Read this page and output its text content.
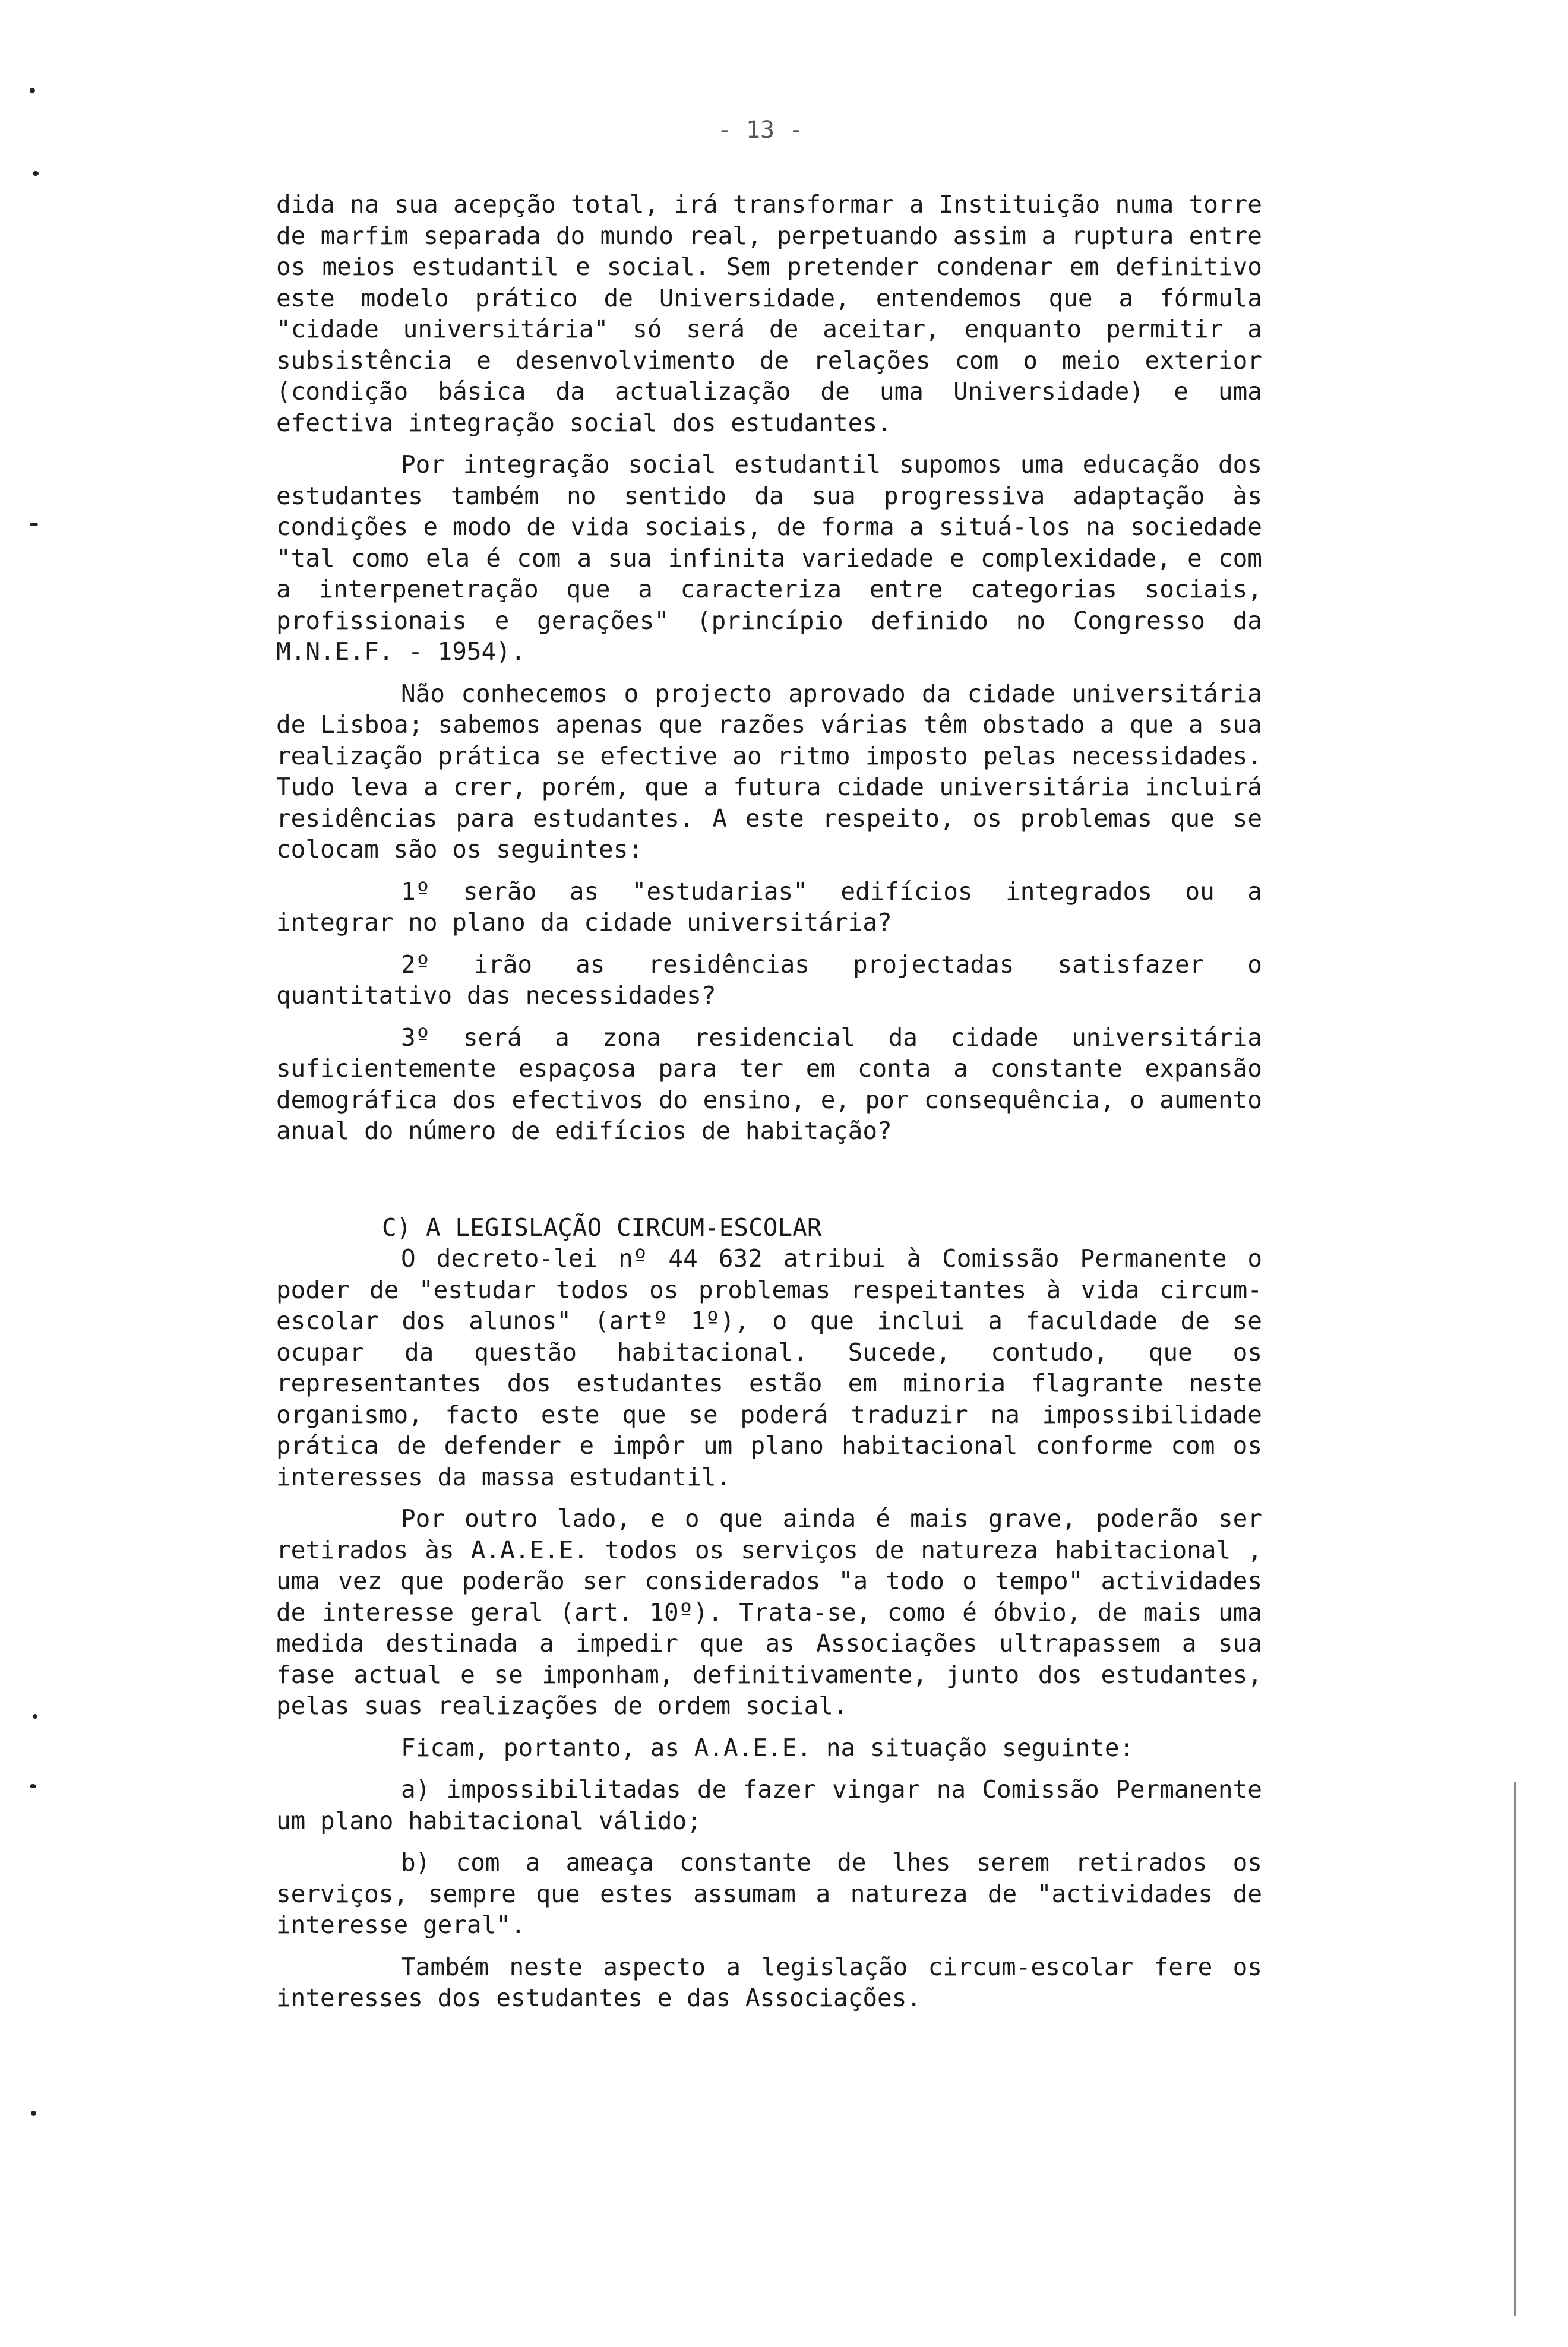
- 13 -

dida na sua acepção total, irá transformar a Instituição numa torre de marfim separada do mundo real, perpetuando assim a ruptura entre os meios estudantil e social. Sem pretender condenar em definitivo este modelo prático de Universidade, entendemos que a fórmula "cidade universitária" só será de aceitar, enquanto permitir a subsistência e desenvolvimento de relações com o meio exterior (condição básica da actualização de uma Universidade) e uma efectiva integração social dos estudantes.

Por integração social estudantil supomos uma educação dos estudantes também no sentido da sua progressiva adaptação às condições e modo de vida sociais, de forma a situá-los na sociedade "tal como ela é com a sua infinita variedade e complexidade, e com a interpenetração que a caracteriza entre categorias sociais, profissionais e gerações" (princípio definido no Congresso da M.N.E.F. - 1954).

Não conhecemos o projecto aprovado da cidade universitária de Lisboa; sabemos apenas que razões várias têm obstado a que a sua realização prática se efective ao ritmo imposto pelas necessidades. Tudo leva a crer, porém, que a futura cidade universitária incluirá residências para estudantes. A este respeito, os problemas que se colocam são os seguintes:

1º serão as "estudarias" edifícios integrados ou a integrar no plano da cidade universitária?

2º irão as residências projectadas satisfazer o quantitativo das necessidades?

3º será a zona residencial da cidade universitária suficientemente espaçosa para ter em conta a constante expansão demográfica dos efectivos do ensino, e, por consequência, o aumento anual do número de edifícios de habitação?

C) A LEGISLAÇÃO CIRCUM-ESCOLAR

O decreto-lei nº 44 632 atribui à Comissão Permanente o poder de "estudar todos os problemas respeitantes à vida circum-escolar dos alunos" (artº 1º), o que inclui a faculdade de se ocupar da questão habitacional. Sucede, contudo, que os representantes dos estudantes estão em minoria flagrante neste organismo, facto este que se poderá traduzir na impossibilidade prática de defender e impôr um plano habitacional conforme com os interesses da massa estudantil.

Por outro lado, e o que ainda é mais grave, poderão ser retirados às A.A.E.E. todos os serviços de natureza habitacional , uma vez que poderão ser considerados "a todo o tempo" actividades de interesse geral (art. 10º). Trata-se, como é óbvio, de mais uma medida destinada a impedir que as Associações ultrapassem a sua fase actual e se imponham, definitivamente, junto dos estudantes, pelas suas realizações de ordem social.

Ficam, portanto, as A.A.E.E. na situação seguinte:

a) impossibilitadas de fazer vingar na Comissão Permanente um plano habitacional válido;

b) com a ameaça constante de lhes serem retirados os serviços, sempre que estes assumam a natureza de "actividades de interesse geral".

Também neste aspecto a legislação circum-escolar fere os interesses dos estudantes e das Associações.
